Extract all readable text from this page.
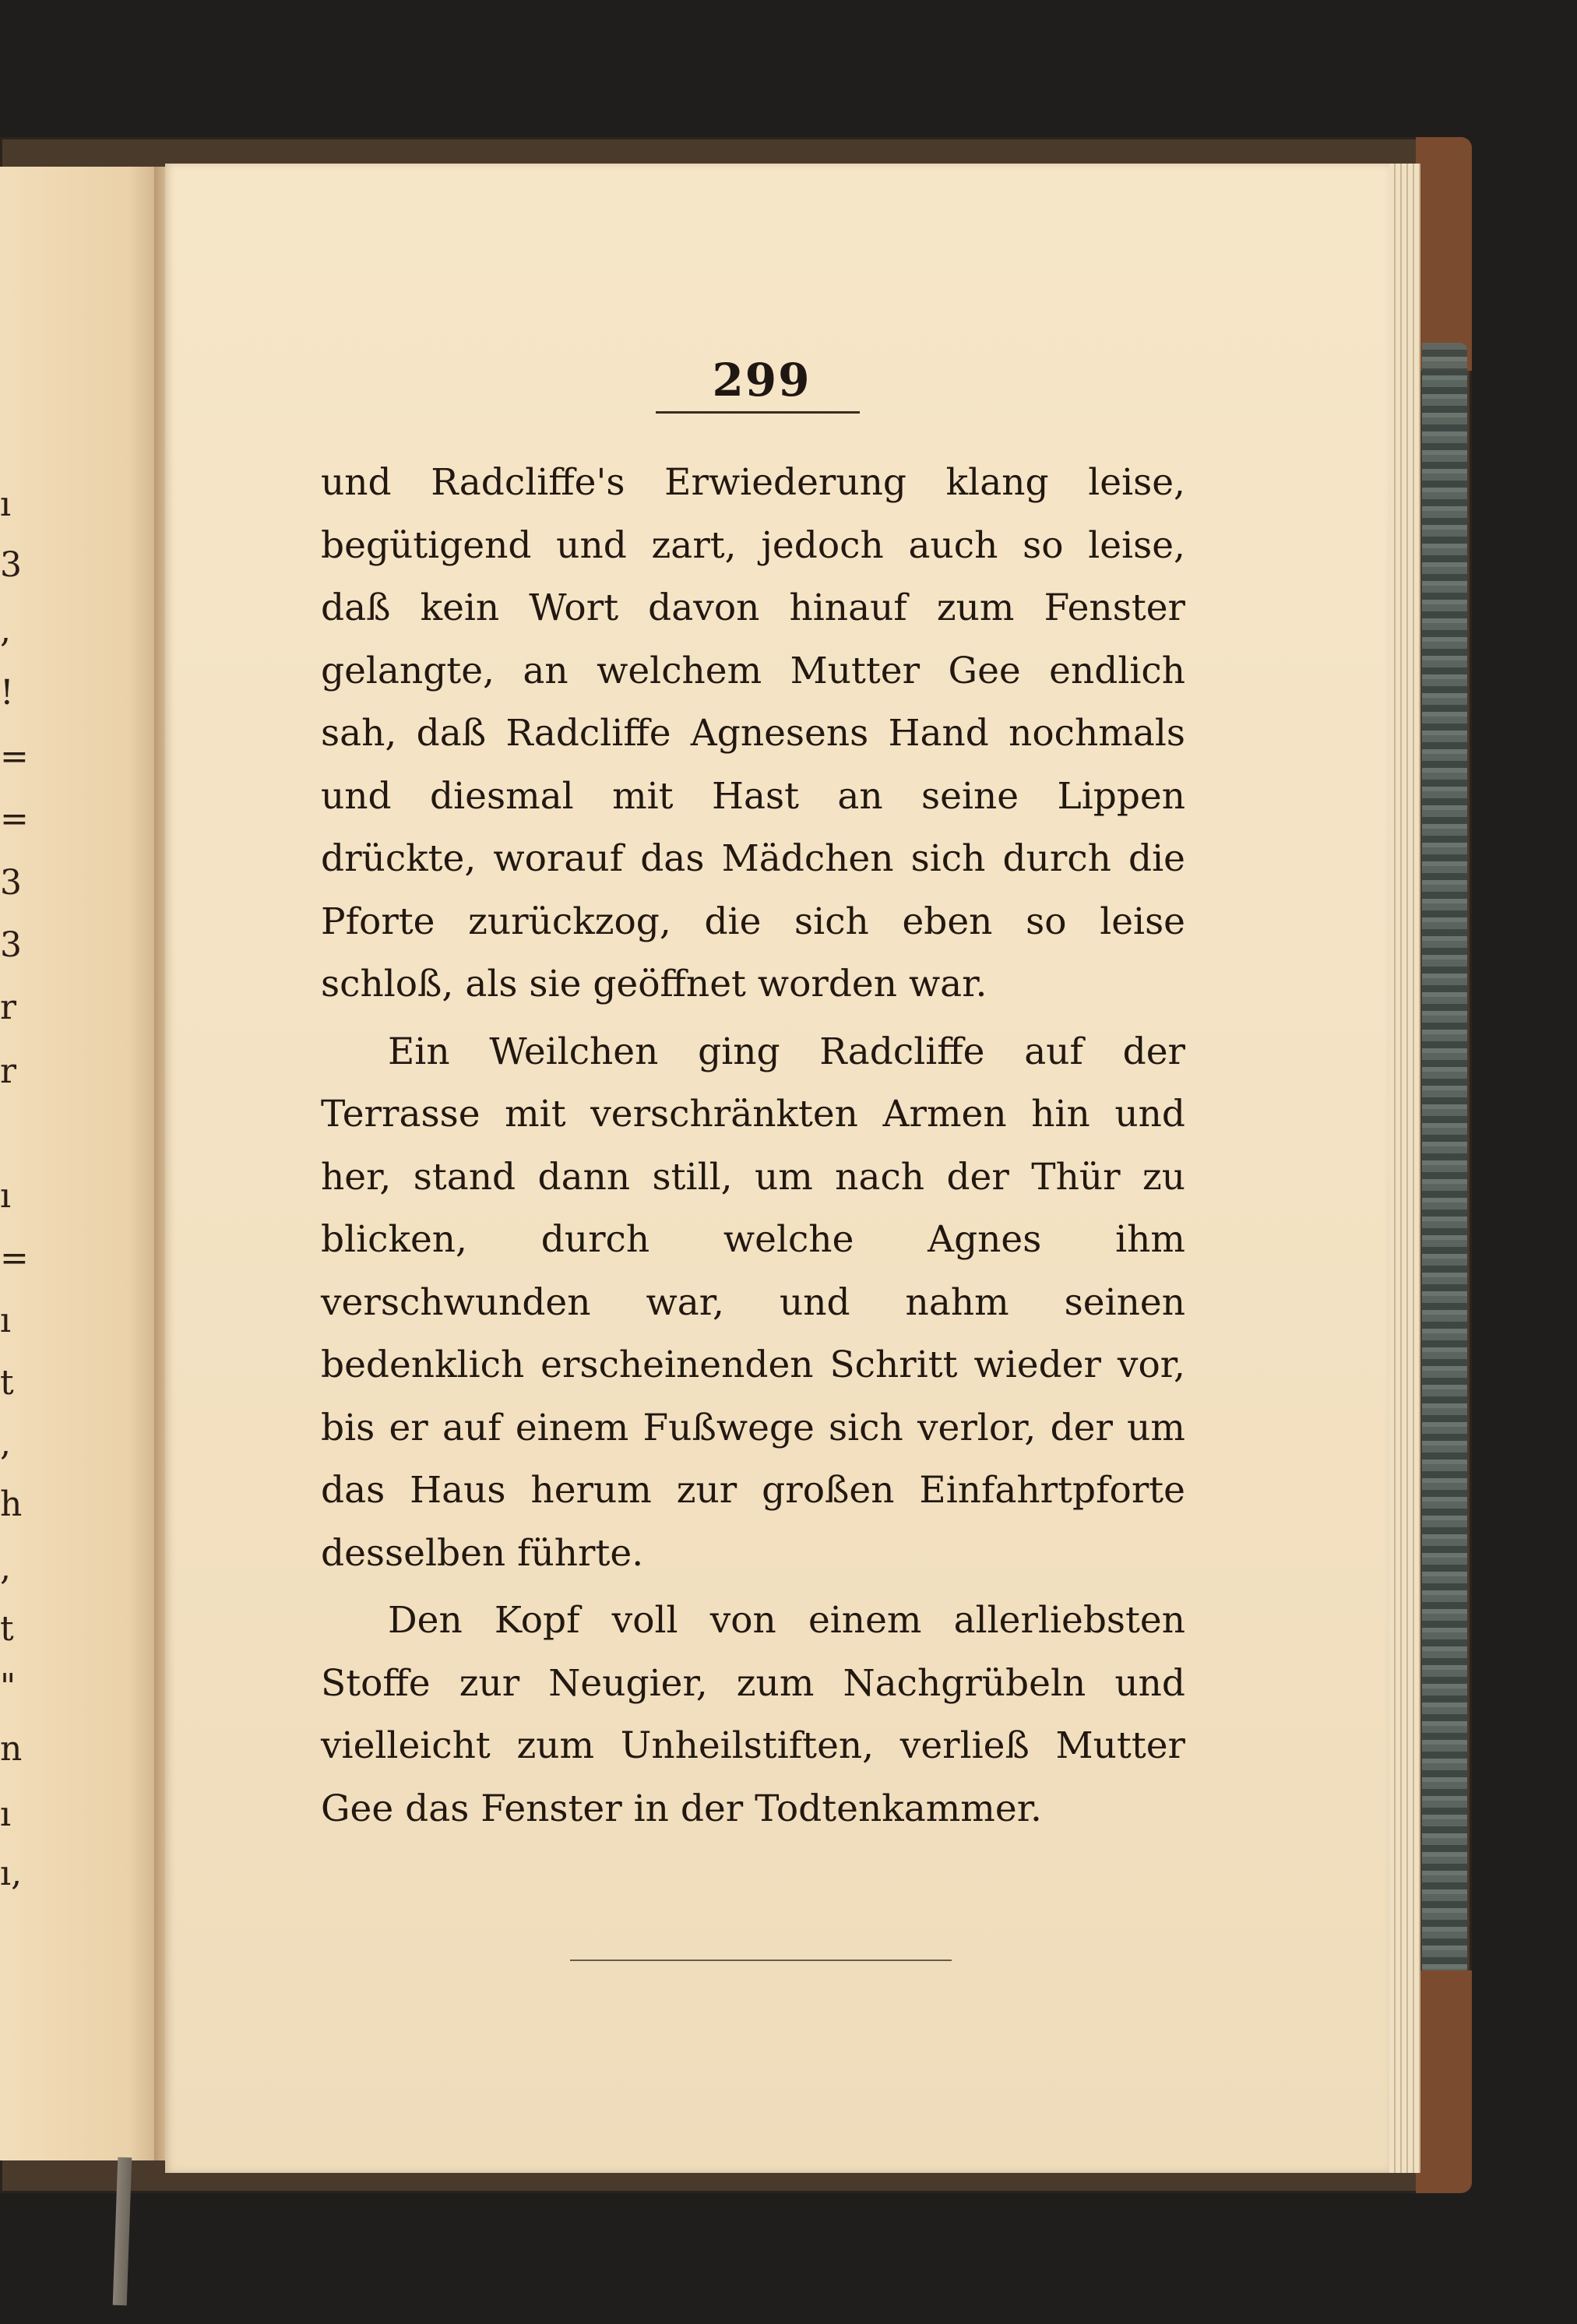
ı
3
,
!
=
=
3
3
r
r
ı
=
ı
t
,
h
,
t
"
n
ı
ı,
299

und Radcliffe's Erwiederung klang leise, begütigend und zart, jedoch auch so leise, daß kein Wort davon hinauf zum Fenster gelangte, an welchem Mutter Gee endlich sah, daß Radcliffe Agnesens Hand nochmals und diesmal mit Hast an seine Lippen drückte, worauf das Mädchen sich durch die Pforte zurückzog, die sich eben so leise schloß, als sie geöffnet worden war.

Ein Weilchen ging Radcliffe auf der Terrasse mit verschränkten Armen hin und her, stand dann still, um nach der Thür zu blicken, durch welche Agnes ihm verschwunden war, und nahm seinen bedenklich erscheinenden Schritt wieder vor, bis er auf einem Fußwege sich verlor, der um das Haus herum zur großen Einfahrtpforte desselben führte.

Den Kopf voll von einem allerliebsten Stoffe zur Neugier, zum Nachgrübeln und vielleicht zum Unheilstiften, verließ Mutter Gee das Fenster in der Todtenkammer.
